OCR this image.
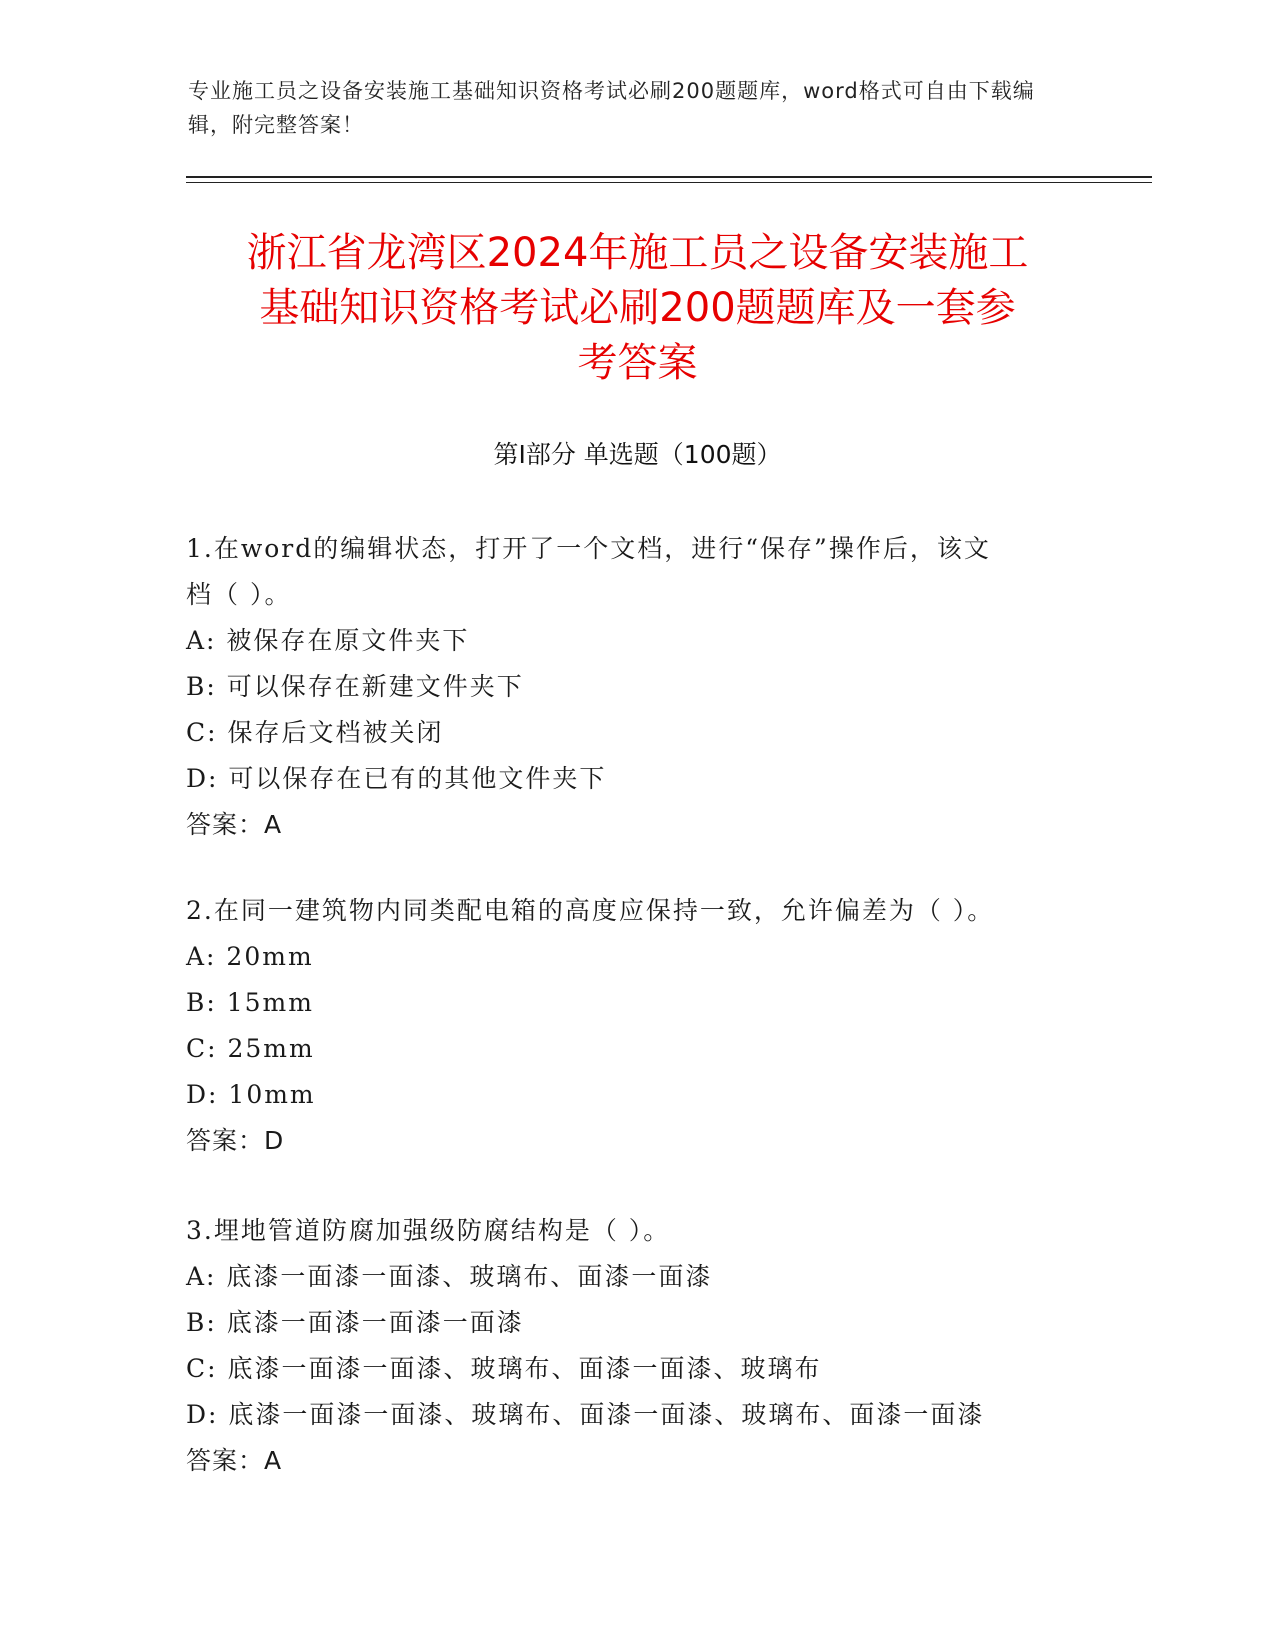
专业施工员之设备安装施工基础知识资格考试必刷200题题库，word格式可自由下载编辑，附完整答案！
浙江省龙湾区2024年施工员之设备安装施工
基础知识资格考试必刷200题题库及一套参
考答案
第Ⅰ部分 单选题（100题）
1.在word的编辑状态，打开了一个文档，进行“保存”操作后，该文
档（ ）。
A: 被保存在原文件夹下
B: 可以保存在新建文件夹下
C: 保存后文档被关闭
D: 可以保存在已有的其他文件夹下
答案：A
2.在同一建筑物内同类配电箱的高度应保持一致，允许偏差为（ ）。
A: 20mm
B: 15mm
C: 25mm
D: 10mm
答案：D
3.埋地管道防腐加强级防腐结构是（ ）。
A: 底漆一面漆一面漆、玻璃布、面漆一面漆
B: 底漆一面漆一面漆一面漆
C: 底漆一面漆一面漆、玻璃布、面漆一面漆、玻璃布
D: 底漆一面漆一面漆、玻璃布、面漆一面漆、玻璃布、面漆一面漆
答案：A
